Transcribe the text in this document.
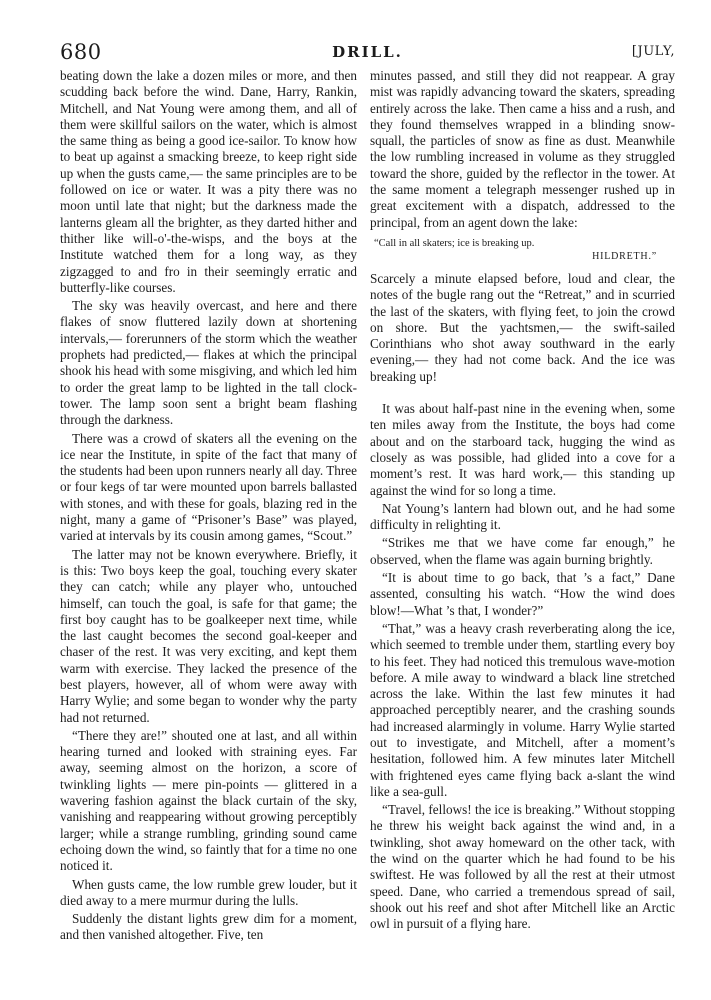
680	DRILL.	[JULY,

beating down the lake a dozen miles or more, and then scudding back before the wind. Dane, Harry, Rankin, Mitchell, and Nat Young were among them, and all of them were skillful sailors on the water, which is almost the same thing as being a good ice-sailor. To know how to beat up against a smacking breeze, to keep right side up when the gusts came,— the same principles are to be followed on ice or water. It was a pity there was no moon until late that night; but the darkness made the lanterns gleam all the brighter, as they darted hither and thither like will-o'-the-wisps, and the boys at the Institute watched them for a long way, as they zigzagged to and fro in their seemingly erratic and butterfly-like courses.

The sky was heavily overcast, and here and there flakes of snow fluttered lazily down at shortening intervals,— forerunners of the storm which the weather prophets had predicted,— flakes at which the principal shook his head with some misgiving, and which led him to order the great lamp to be lighted in the tall clock-tower. The lamp soon sent a bright beam flashing through the darkness.

There was a crowd of skaters all the evening on the ice near the Institute, in spite of the fact that many of the students had been upon runners nearly all day. Three or four kegs of tar were mounted upon barrels ballasted with stones, and with these for goals, blazing red in the night, many a game of “Prisoner’s Base” was played, varied at intervals by its cousin among games, “Scout.”

The latter may not be known everywhere. Briefly, it is this: Two boys keep the goal, touching every skater they can catch; while any player who, untouched himself, can touch the goal, is safe for that game; the first boy caught has to be goalkeeper next time, while the last caught becomes the second goal-keeper and chaser of the rest. It was very exciting, and kept them warm with exercise. They lacked the presence of the best players, however, all of whom were away with Harry Wylie; and some began to wonder why the party had not returned.

“There they are!” shouted one at last, and all within hearing turned and looked with straining eyes. Far away, seeming almost on the horizon, a score of twinkling lights — mere pin-points — glittered in a wavering fashion against the black curtain of the sky, vanishing and reappearing without growing perceptibly larger; while a strange rumbling, grinding sound came echoing down the wind, so faintly that for a time no one noticed it.

When gusts came, the low rumble grew louder, but it died away to a mere murmur during the lulls.

Suddenly the distant lights grew dim for a moment, and then vanished altogether. Five, ten

minutes passed, and still they did not reappear. A gray mist was rapidly advancing toward the skaters, spreading entirely across the lake. Then came a hiss and a rush, and they found themselves wrapped in a blinding snow-squall, the particles of snow as fine as dust. Meanwhile the low rumbling increased in volume as they struggled toward the shore, guided by the reflector in the tower. At the same moment a telegraph messenger rushed up in great excitement with a dispatch, addressed to the principal, from an agent down the lake:

“Call in all skaters; ice is breaking up.
HILDRETH.”

Scarcely a minute elapsed before, loud and clear, the notes of the bugle rang out the “Retreat,” and in scurried the last of the skaters, with flying feet, to join the crowd on shore. But the yachtsmen,— the swift-sailed Corinthians who shot away southward in the early evening,— they had not come back. And the ice was breaking up!

It was about half-past nine in the evening when, some ten miles away from the Institute, the boys had come about and on the starboard tack, hugging the wind as closely as was possible, had glided into a cove for a moment’s rest. It was hard work,— this standing up against the wind for so long a time.

Nat Young’s lantern had blown out, and he had some difficulty in relighting it.

“Strikes me that we have come far enough,” he observed, when the flame was again burning brightly.

“It is about time to go back, that ’s a fact,” Dane assented, consulting his watch. “How the wind does blow!—What ’s that, I wonder?”

“That,” was a heavy crash reverberating along the ice, which seemed to tremble under them, startling every boy to his feet. They had noticed this tremulous wave-motion before. A mile away to windward a black line stretched across the lake. Within the last few minutes it had approached perceptibly nearer, and the crashing sounds had increased alarmingly in volume. Harry Wylie started out to investigate, and Mitchell, after a moment’s hesitation, followed him. A few minutes later Mitchell with frightened eyes came flying back a-slant the wind like a sea-gull.

“Travel, fellows! the ice is breaking.” Without stopping he threw his weight back against the wind and, in a twinkling, shot away homeward on the other tack, with the wind on the quarter which he had found to be his swiftest. He was followed by all the rest at their utmost speed. Dane, who carried a tremendous spread of sail, shook out his reef and shot after Mitchell like an Arctic owl in pursuit of a flying hare.
